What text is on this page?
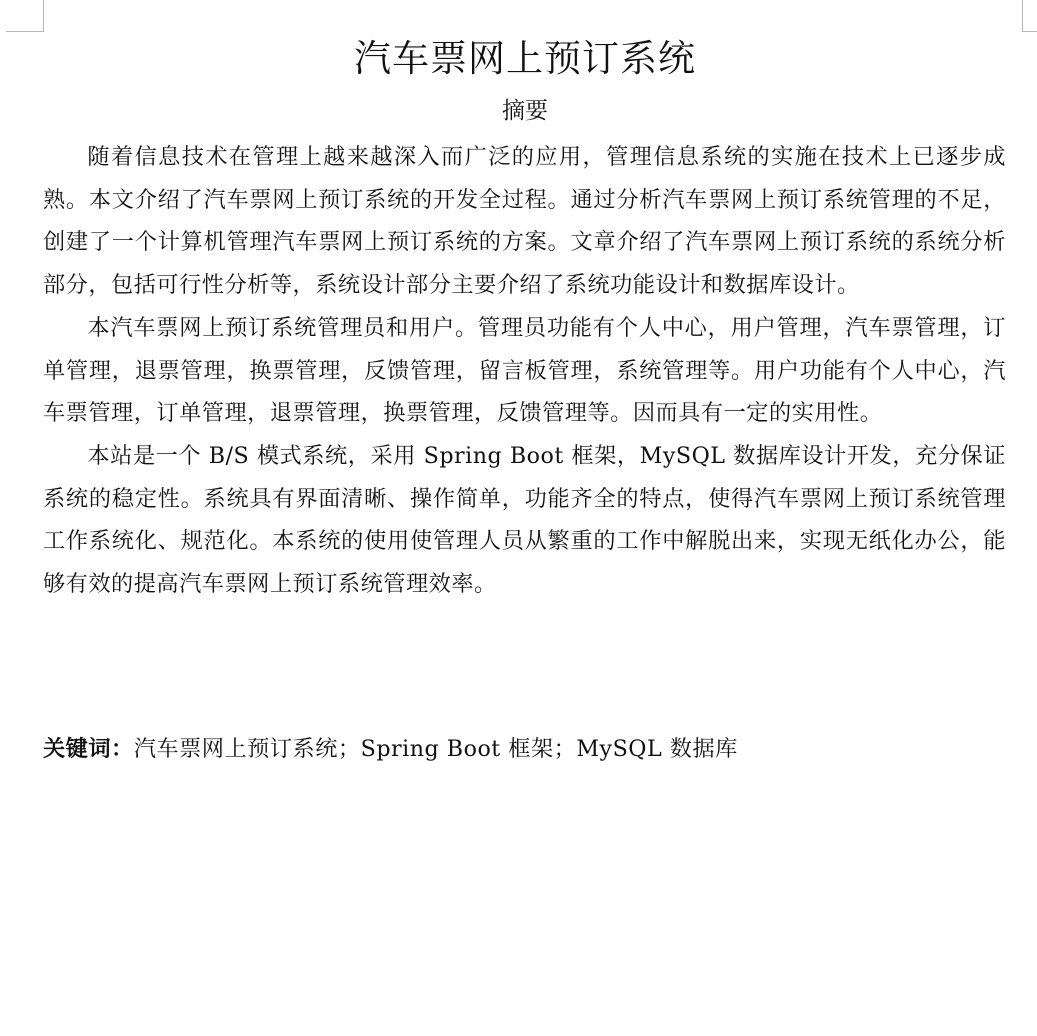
汽车票网上预订系统
摘要

随着信息技术在管理上越来越深入而广泛的应用，管理信息系统的实施在技术上已逐步成熟。本文介绍了汽车票网上预订系统的开发全过程。通过分析汽车票网上预订系统管理的不足，创建了一个计算机管理汽车票网上预订系统的方案。文章介绍了汽车票网上预订系统的系统分析部分，包括可行性分析等，系统设计部分主要介绍了系统功能设计和数据库设计。

本汽车票网上预订系统管理员和用户。管理员功能有个人中心，用户管理，汽车票管理，订单管理，退票管理，换票管理，反馈管理，留言板管理，系统管理等。用户功能有个人中心，汽车票管理，订单管理，退票管理，换票管理，反馈管理等。因而具有一定的实用性。

本站是一个 B/S 模式系统，采用 Spring Boot 框架，MySQL 数据库设计开发，充分保证系统的稳定性。系统具有界面清晰、操作简单，功能齐全的特点，使得汽车票网上预订系统管理工作系统化、规范化。本系统的使用使管理人员从繁重的工作中解脱出来，实现无纸化办公，能够有效的提高汽车票网上预订系统管理效率。

关键词：汽车票网上预订系统；Spring Boot 框架；MySQL 数据库
